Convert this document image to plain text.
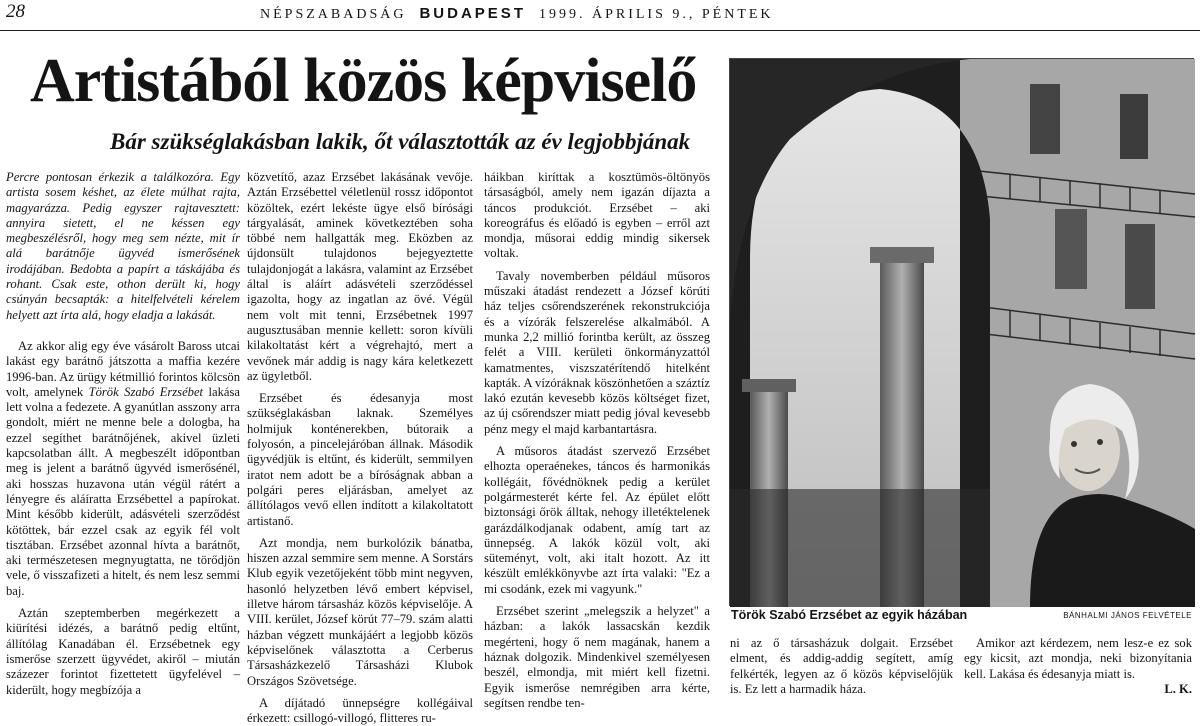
28	NÉPSZABADSÁG BUDAPEST 1999. ÁPRILIS 9., PÉNTEK
Artistából közös képviselő
Bár szükséglakásban lakik, őt választották az év legjobbjának

Percre pontosan érkezik a találkozóra. Egy artista sosem késhet, az élete múlhat rajta, magyarázza. Pedig egyszer rajtavesztett: annyira sietett, el ne késsen egy megbeszélésről, hogy meg sem nézte, mit ír alá barátnője ügyvéd ismerősének irodájában. Bedobta a papírt a táskájába és rohant. Csak este, othon derült ki, hogy csúnyán becsapták: a hitelfelvételi kérelem helyett azt írta alá, hogy eladja a lakását.

Az akkor alig egy éve vásárolt Baross utcai lakást egy barátnő játszotta a maffia kezére 1996-ban. Az ürügy kétmillió forintos kölcsön volt, amelynek Török Szabó Erzsébet lakása lett volna a fedezete. A gyanútlan asszony arra gondolt, miért ne menne bele a dologba, ha ezzel segíthet barátnőjének, akivel üzleti kapcsolatban állt. A megbeszélt időpontban meg is jelent a barátnő ügyvéd ismerősénél, aki hosszas huzavona után végül rátért a lényegre és aláíratta Erzsébettel a papírokat. Mint később kiderült, adásvételi szerződést kötöttek, bár ezzel csak az egyik fél volt tisztában. Erzsébet azonnal hívta a barátnőt, aki természetesen megnyugtatta, ne törődjön vele, ő visszafizeti a hitelt, és nem lesz semmi baj.

Aztán szeptemberben megérkezett a kiürítési idézés, a barátnő pedig eltűnt, állítólag Kanadában él. Erzsébetnek egy ismerőse szerzett ügyvédet, akiről – miután százezer forintot fizettetett ügyfelével – kiderült, hogy megbízója a

közvetítő, azaz Erzsébet lakásának vevője. Aztán Erzsébettel véletlenül rossz időpontot közöltek, ezért lekéste ügye első bírósági tárgyalását, aminek következtében soha többé nem hallgatták meg. Eközben az újdonsült tulajdonos bejegyeztette tulajdonjogát a lakásra, valamint az Erzsébet által is aláírt adásvételi szerződéssel igazolta, hogy az ingatlan az övé. Végül nem volt mit tenni, Erzsébetnek 1997 augusztusában mennie kellett: soron kívüli kilakoltatást kért a végrehajtó, mert a vevőnek már addig is nagy kára keletkezett az ügyletből.

Erzsébet és édesanyja most szükséglakásban laknak. Személyes holmijuk konténerekben, bútoraik a folyosón, a pincelejáróban állnak. Második ügyvédjük is eltűnt, és kiderült, semmilyen iratot nem adott be a bíróságnak abban a polgári peres eljárásban, amelyet az állítólagos vevő ellen indított a kilakoltatott artistanő.

Azt mondja, nem burkolózik bánatba, hiszen azzal semmire sem menne. A Sorstárs Klub egyik vezetőjeként több mint negyven, hasonló helyzetben lévő embert képvisel, illetve három társasház közös képviselője. A VIII. kerület, József körút 77–79. szám alatti házban végzett munkájáért a legjobb közös képviselőnek választotta a Cerberus Társasházkezelő Társasházi Klubok Országos Szövetsége.

A díjátadó ünnepségre kollégáival érkezett: csillogó-villogó, flitteres ru-

háikban kiríttak a kosztümös-öltönyös társaságból, amely nem igazán díjazta a táncos produkciót. Erzsébet – aki koreográfus és előadó is egyben – erről azt mondja, műsorai eddig mindig sikersek voltak.

Tavaly novemberben például műsoros műszaki átadást rendezett a József körúti ház teljes csőrendszerének rekonstrukciója és a vízórák felszerelése alkalmából. A munka 2,2 millió forintba került, az összeg felét a VIII. kerületi önkormányzattól kamatmentes, viszszatérítendő hitelként kapták. A vízóráknak köszönhetően a száztíz lakó ezután kevesebb közös költséget fizet, az új csőrendszer miatt pedig jóval kevesebb pénz megy el majd karbantartásra.

A műsoros átadást szervező Erzsébet elhozta operaénekes, táncos és harmonikás kollégáit, fővédnöknek pedig a kerület polgármesterét kérte fel. Az épület előtt biztonsági őrök álltak, nehogy illetéktelenek garázdálkodjanak odabent, amíg tart az ünnepség. A lakók közül volt, aki süteményt, volt, aki italt hozott. Az itt készült emlékkönyvbe azt írta valaki: "Ez a mi csodánk, ezek mi vagyunk."

Erzsébet szerint „melegszik a helyzet" a házban: a lakók lassacskán kezdik megérteni, hogy ő nem magának, hanem a háznak dolgozik. Mindenkivel személyesen beszél, elmondja, mit miért kell fizetni. Egyik ismerőse nemrégiben arra kérte, segítsen rendbe ten-

Török Szabó Erzsébet az egyik házában	BÁNHALMI JÁNOS FELVÉTELE

ni az ő társasházuk dolgait. Erzsébet elment, és addig-addig segített, amíg felkérték, legyen az ő közös képviselőjük is. Ez lett a harmadik háza.

Amikor azt kérdezem, nem lesz-e ez sok egy kicsit, azt mondja, neki bizonyítania kell. Lakása és édesanyja miatt is.

L. K.
